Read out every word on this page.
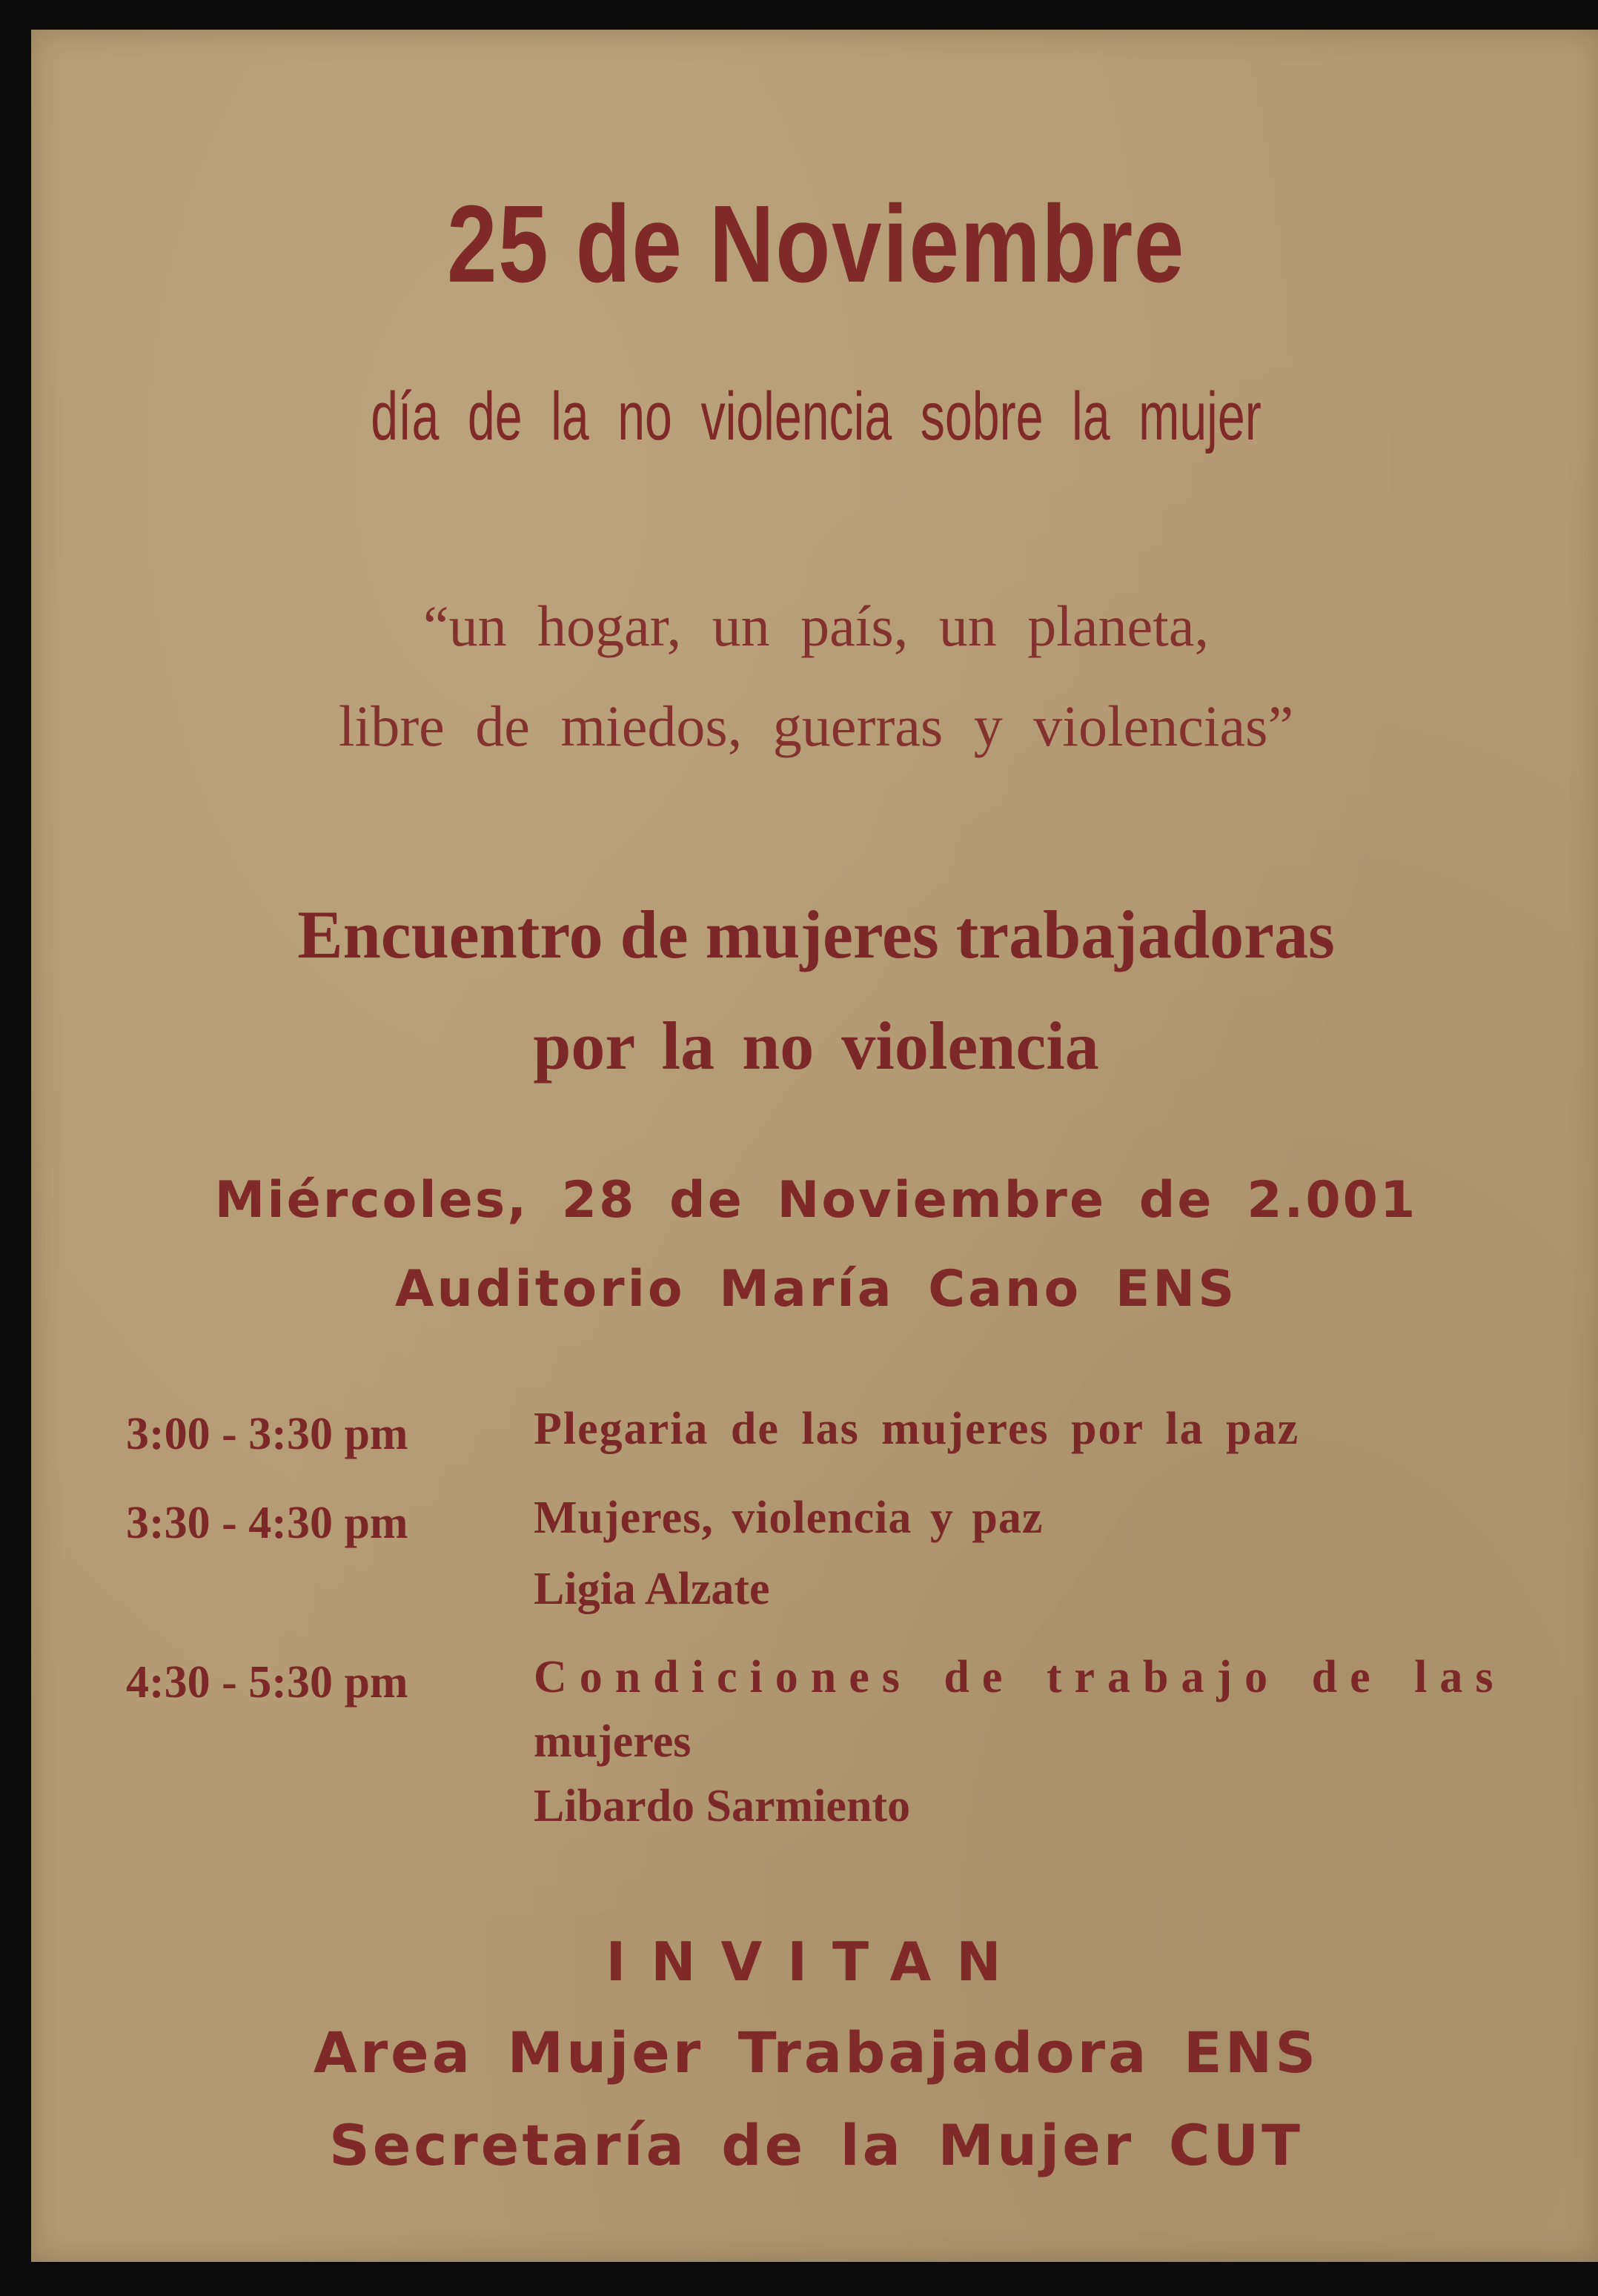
25 de Noviembre

día de la no violencia sobre la mujer

“un hogar, un país, un planeta,

libre de miedos, guerras y violencias”

Encuentro de mujeres trabajadoras

por la no violencia

Miércoles, 28 de Noviembre de 2.001

Auditorio María Cano ENS

3:00 - 3:30 pm	Plegaria de las mujeres por la paz
3:30 - 4:30 pm	Mujeres, violencia y paz
Ligia Alzate
4:30 - 5:30 pm	Condiciones de trabajo de las
mujeres
Libardo Sarmiento

INVITAN

Area Mujer Trabajadora ENS

Secretaría de la Mujer CUT
